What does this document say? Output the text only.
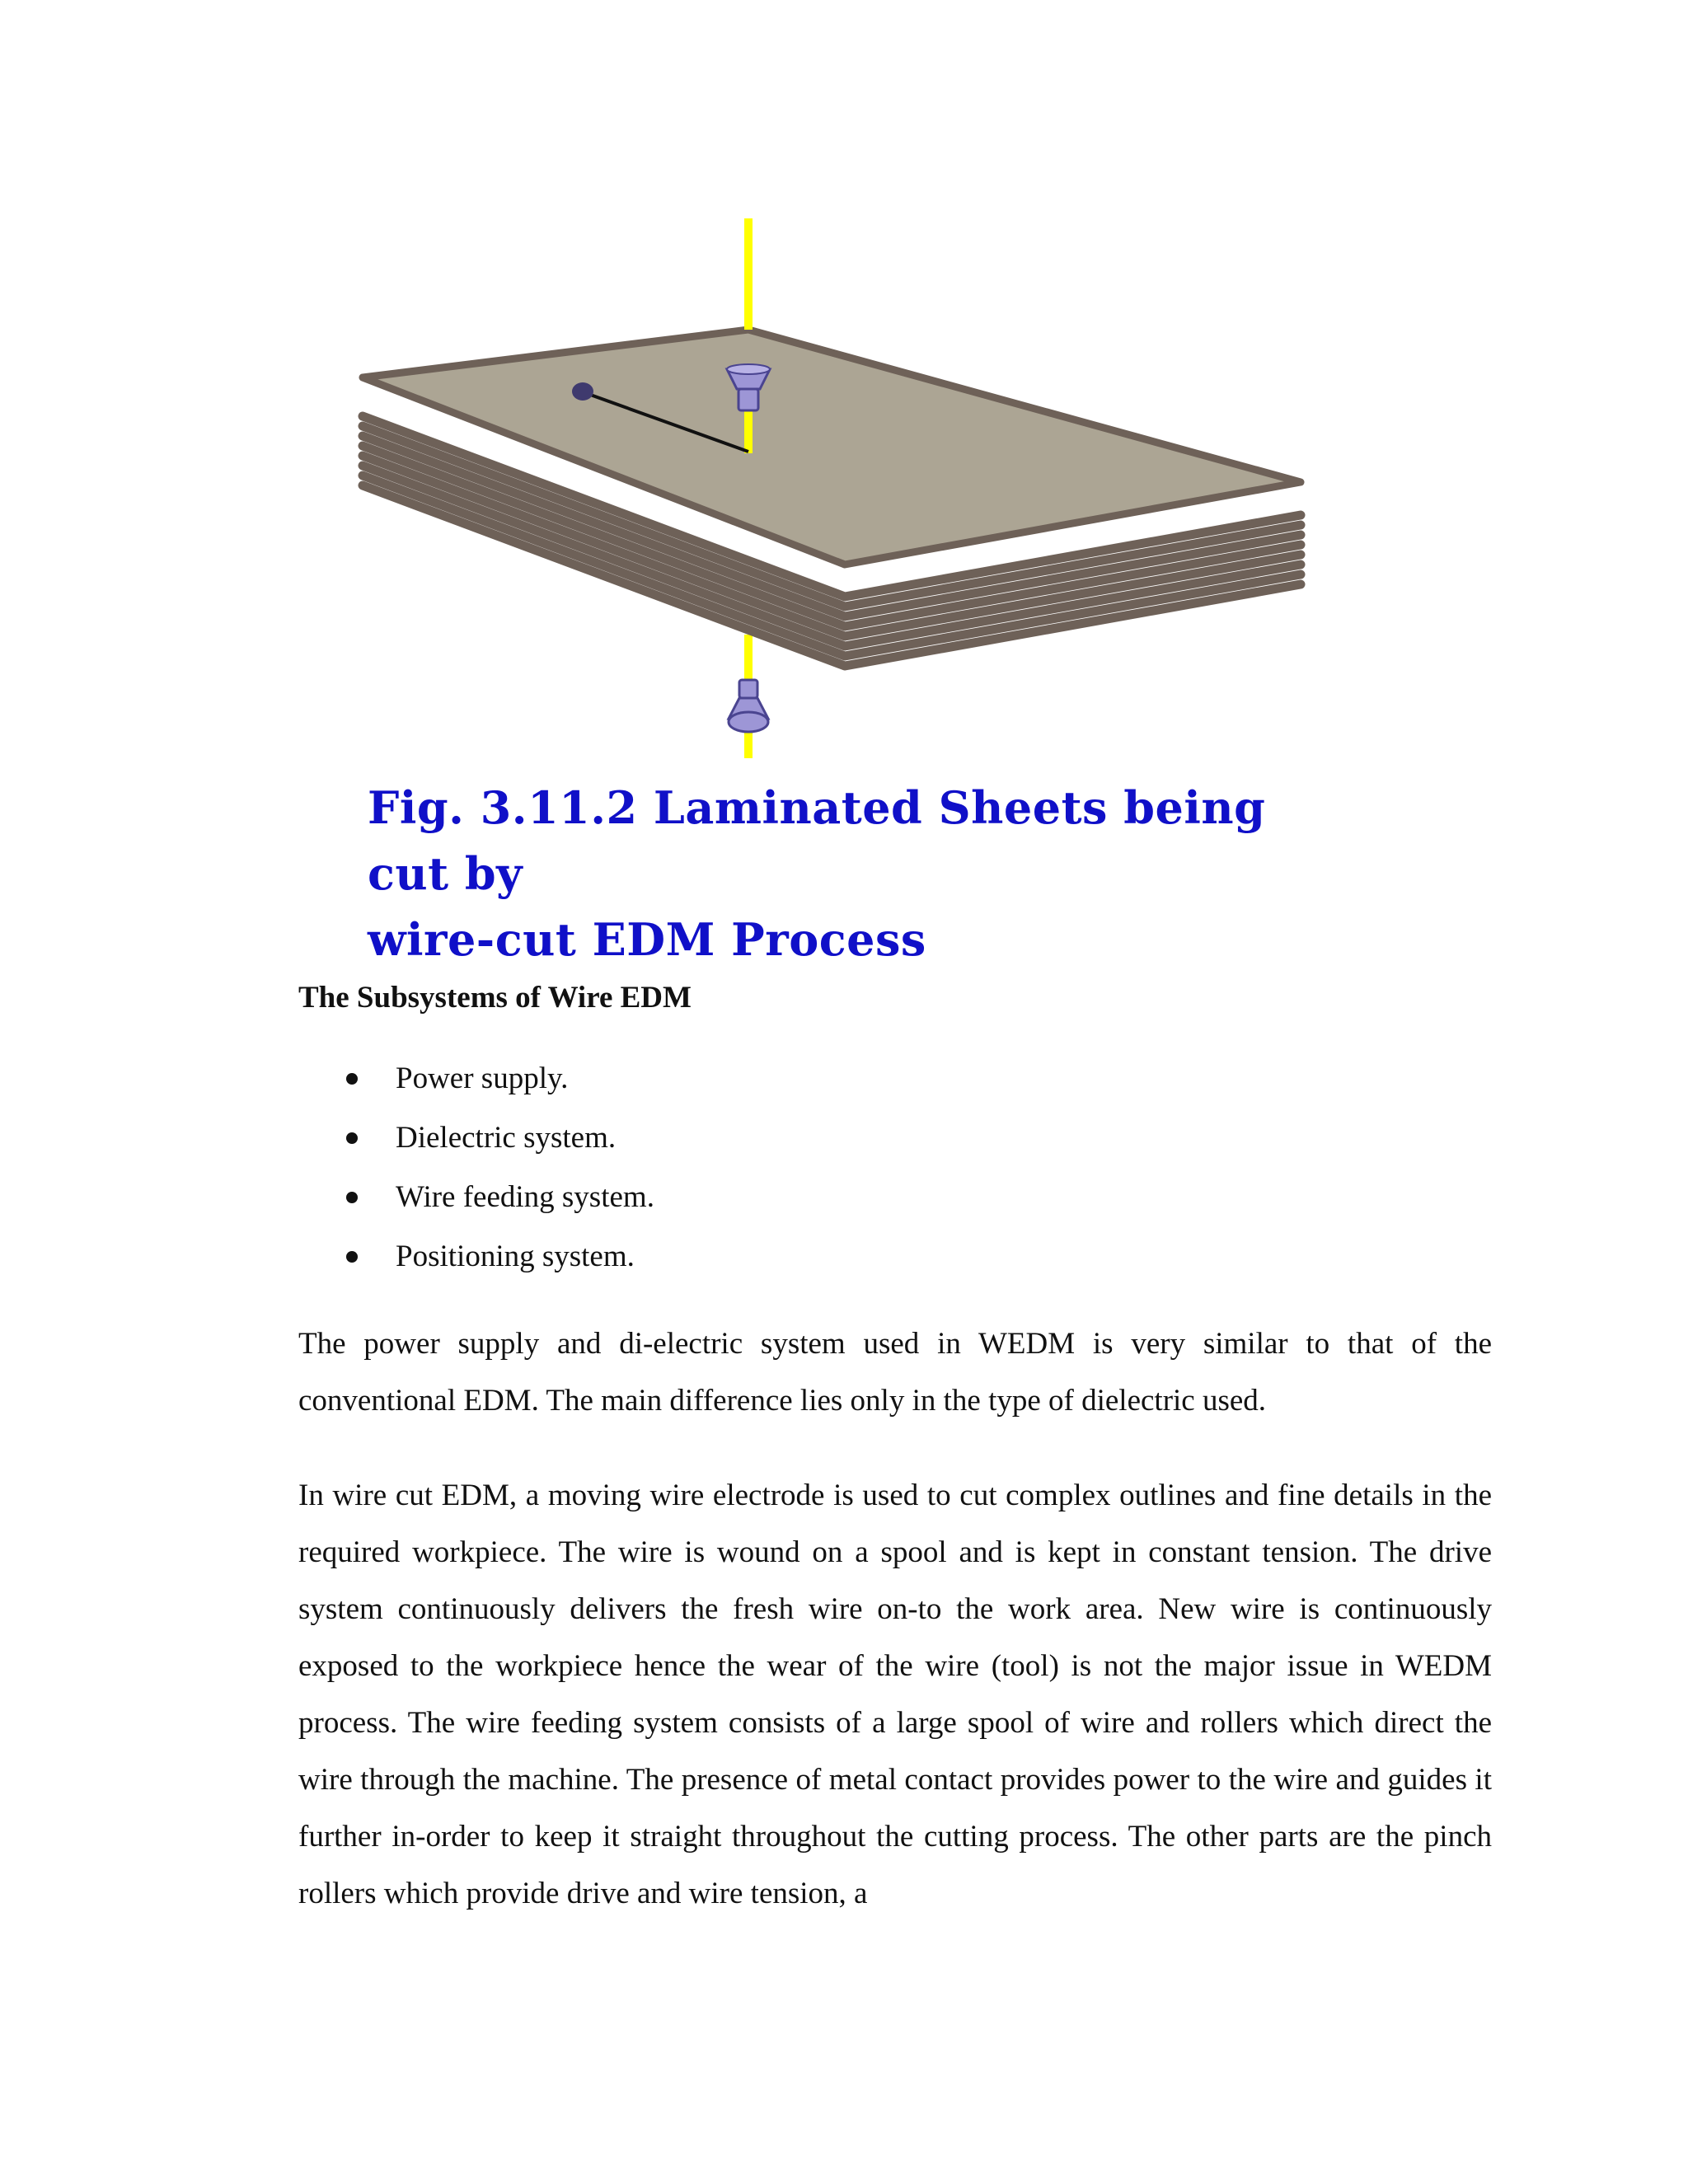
Fig. 3.11.2 Laminated Sheets being cut by
wire-cut EDM Process
The Subsystems of Wire EDM
Power supply.
Dielectric system.
Wire feeding system.
Positioning system.

The power supply and di-electric system used in WEDM is very similar to that of the conventional EDM. The main difference lies only in the type of dielectric used.

In wire cut EDM, a moving wire electrode is used to cut complex outlines and fine details in the required workpiece. The wire is wound on a spool and is kept in constant tension. The drive system continuously delivers the fresh wire on-to the work area. New wire is continuously exposed to the workpiece hence the wear of the wire (tool) is not the major issue in WEDM process. The wire feeding system consists of a large spool of wire and rollers which direct the wire through the machine. The presence of metal contact provides power to the wire and guides it further in-order to keep it straight throughout the cutting process. The other parts are the pinch rollers which provide drive and wire tension, a
